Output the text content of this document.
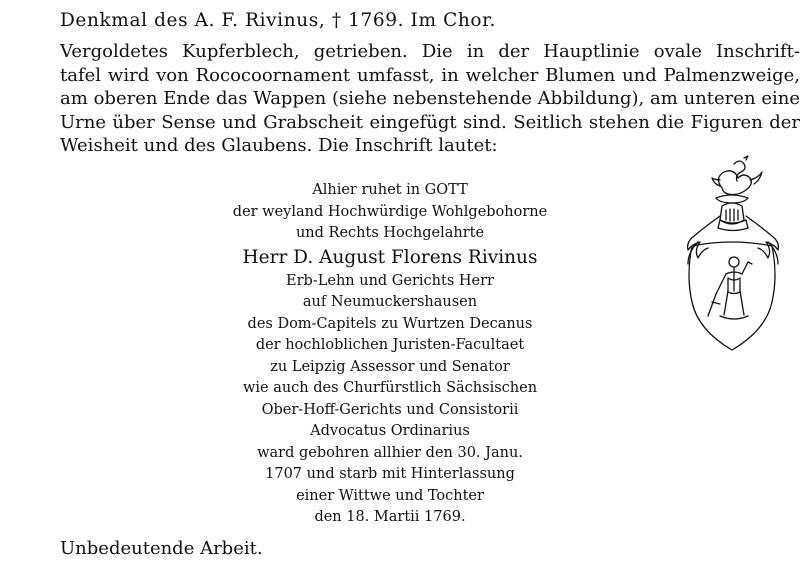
Denkmal des A. F. Rivinus, † 1769. Im Chor.
Vergoldetes Kupferblech, getrieben. Die in der Hauptlinie ovale Inschrift-
tafel wird von Rococoornament umfasst, in welcher Blumen und Palmenzweige,
am oberen Ende das Wappen (siehe nebenstehende Abbildung), am unteren eine
Urne über Sense und Grabscheit eingefügt sind. Seitlich stehen die Figuren der
Weisheit und des Glaubens. Die Inschrift lautet:
Alhier ruhet in GOTT
der weyland Hochwürdige Wohlgebohorne
und Rechts Hochgelahrte
Herr D. August Florens Rivinus
Erb-Lehn und Gerichts Herr
auf Neumuckershausen
des Dom-Capitels zu Wurtzen Decanus
der hochloblichen Juristen-Facultaet
zu Leipzig Assessor und Senator
wie auch des Churfürstlich Sächsischen
Ober-Hoff-Gerichts und Consistorii
Advocatus Ordinarius
ward gebohren allhier den 30. Janu.
1707 und starb mit Hinterlassung
einer Wittwe und Tochter
den 18. Martii 1769.
Unbedeutende Arbeit.
